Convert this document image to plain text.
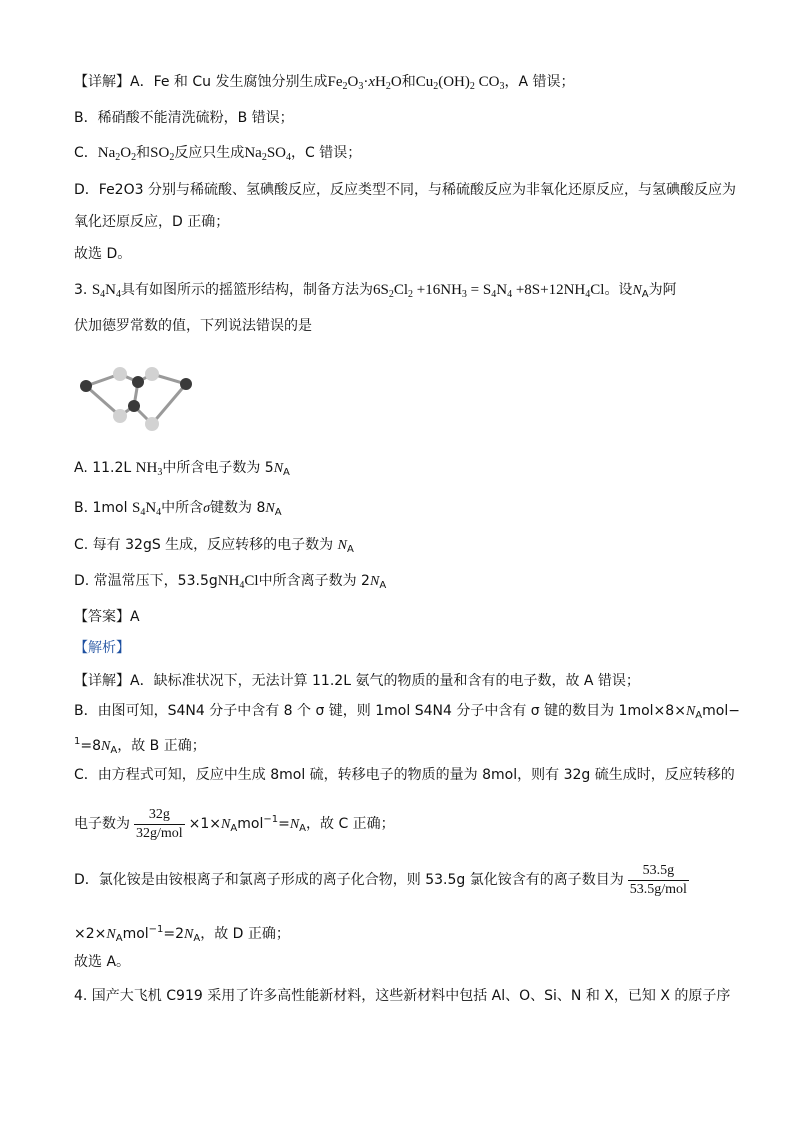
【详解】A．Fe 和 Cu 发生腐蚀分别生成$Fe_2O_3\cdot xH_2O$和$Cu_2(OH)_2$ $CO_3$，A 错误；
B．稀硝酸不能清洗硫粉，B 错误；
C．$Na_2O_2$和$SO_2$反应只生成$Na_2SO_4$，C 错误；
D．Fe2O3 分别与稀硫酸、氢碘酸反应，反应类型不同，与稀硫酸反应为非氧化还原反应，与氢碘酸反应为
氧化还原反应，D 正确；
故选 D。
3. $S_4N_4$具有如图所示的摇篮形结构，制备方法为$6S_2Cl_2 +16NH_3 = S_4N_4 +8S+12NH_4Cl$。设$N_A$为阿
伏加德罗常数的值，下列说法错误的是
A. 11.2L $NH_3$中所含电子数为 $5N_A$
B. 1mol $S_4N_4$中所含σ键数为 $8N_A$
C. 每有 32gS 生成，反应转移的电子数为 $N_A$
D. 常温常压下，53.5gNH$_4$Cl中所含离子数为 $2N_A$
【答案】A
【解析】
【详解】A．缺标准状况下，无法计算 11.2L 氨气的物质的量和含有的电子数，故 A 错误；
B．由图可知，S4N4 分子中含有 8 个 σ 键，则 1mol S4N4 分子中含有 σ 键的数目为 $1mol\times 8\times N_Amol-$
$^1=8N_A$，故 B 正确；
C．由方程式可知，反应中生成 8mol 硫，转移电子的物质的量为 8mol，则有 32g 硫生成时，反应转移的
电子数为 $\frac{32g}{\text{32g/mol}} \times 1\times N_Amol^{-1}=N_A$，故 C 正确；
D．氯化铵是由铵根离子和氯离子形成的离子化合物，则 53.5g 氯化铵含有的离子数目为 $\frac{53.5g}{\text{53.5g/mol}}$
$\times 2\times N_Amol^{-1}=2N_A$，故 D 正确；
故选 A。
4. 国产大飞机 C919 采用了许多高性能新材料，这些新材料中包括 Al、O、Si、N 和 X，已知 X 的原子序
